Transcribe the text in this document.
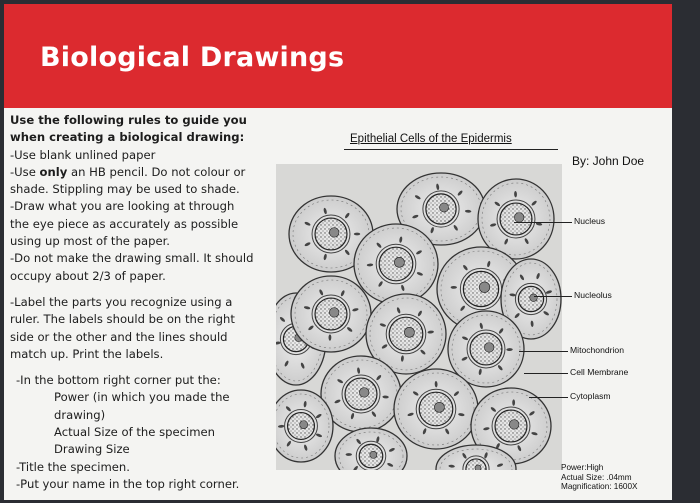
Biological Drawings
Use the following rules to guide you
when creating a biological drawing:
-Use blank unlined paper
-Use only an HB pencil. Do not colour or
shade. Stippling may be used to shade.
-Draw what you are looking at through
the eye piece as accurately as possible
using up most of the paper.
-Do not make the drawing small. It should
occupy about 2/3 of paper.
-Label the parts you recognize using a
ruler. The labels should be on the right
side or the other and the lines should
match up. Print the labels.
-In the bottom right corner put the:
Power (in which you made the
drawing)
Actual Size of the specimen
Drawing Size
-Title the specimen.
-Put your name in the top right corner.
Epithelial Cells of the Epidermis
By: John Doe
Nucleus
Nucleolus
Mitochondrion
Cell Membrane
Cytoplasm
Power:High
Actual Size: .04mm
Magnification: 1600X
